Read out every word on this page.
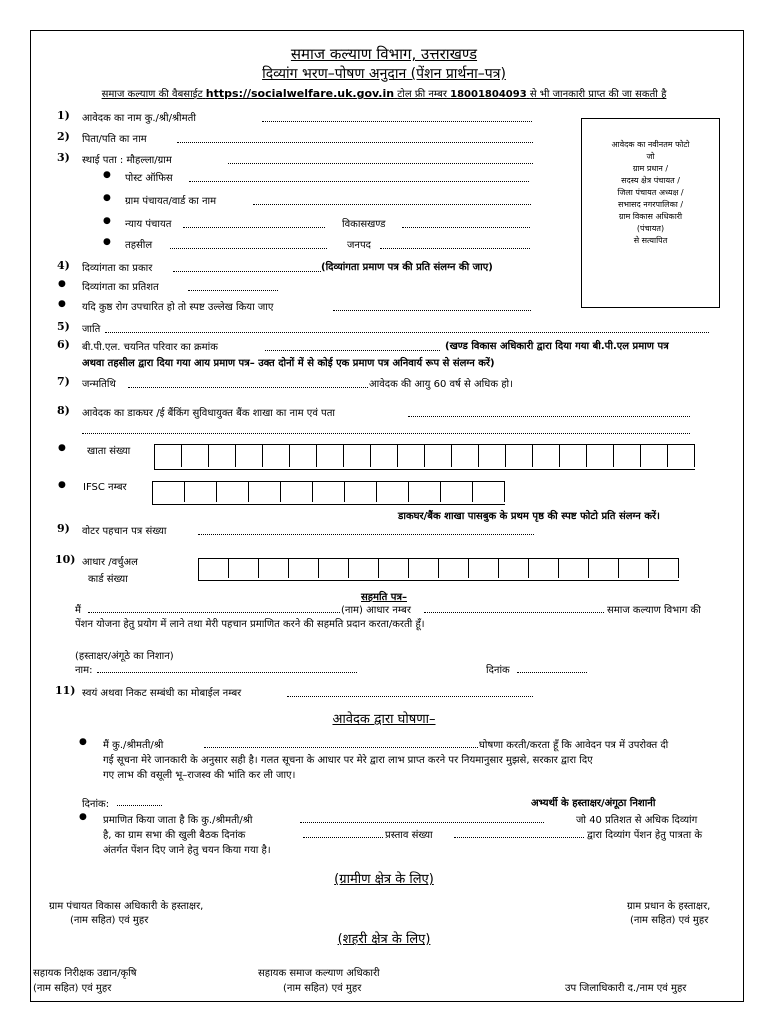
समाज कल्याण विभाग, उत्तराखण्ड
दिव्यांग भरण–पोषण अनुदान (पेंशन प्रार्थना–पत्र)
समाज कल्याण की वैबसाईट https://socialwelfare.uk.gov.in टोल फ्री नम्बर 18001804093 से भी जानकारी प्राप्त की जा सकती है
आवेदक का नवीनतम फोटो
जो
ग्राम प्रधान /
सदस्य क्षेत्र पंचायत /
जिला पंचायत अध्यक्ष /
सभासद नगरपालिका /
ग्राम विकास अधिकारी
(पंचायत)
से सत्यापित
1) आवेदक का नाम कु./श्री/श्रीमती
2) पिता/पति का नाम
3) स्थाई पता : मौहल्ला/ग्राम
● पोस्ट ऑफिस
● ग्राम पंचायत/वार्ड का नाम
● न्याय पंचायत	विकासखण्ड
● तहसील	जनपद
4) दिव्यांगता का प्रकार	(दिव्यांगता प्रमाण पत्र की प्रति संलग्न की जाए)
● दिव्यांगता का प्रतिशत
● यदि कुष्ठ रोग उपचारित हो तो स्पष्ट उल्लेख किया जाए
5) जाति
6) बी.पी.एल. चयनित परिवार का क्रमांक	(खण्ड विकास अधिकारी द्वारा दिया गया बी.पी.एल प्रमाण पत्र
अथवा तहसील द्वारा दिया गया आय प्रमाण पत्र– उक्त दोनों में से कोई एक प्रमाण पत्र अनिवार्य रूप से संलग्न करें)
7) जन्मतिथि	आवेदक की आयु 60 वर्ष से अधिक हो।
8) आवेदक का डाकघर /ई बैंकिंग सुविधायुक्त बैंक शाखा का नाम एवं पता
● खाता संख्या
● IFSC नम्बर
डाकघर/बैंक शाखा पासबुक के प्रथम पृष्ठ की स्पष्ट फोटो प्रति संलग्न करें।
9) वोटर पहचान पत्र संख्या
10) आधार /वर्चुअल
कार्ड संख्या
सहमति पत्र–
मैं	(नाम) आधार नम्बर	समाज कल्याण विभाग की
पेंशन योजना हेतु प्रयोग में लाने तथा मेरी पहचान प्रमाणित करने की सहमति प्रदान करता/करती हूँ।
(हस्ताक्षर/अंगूठे का निशान)
नाम:	दिनांक
11) स्वयं अथवा निकट सम्बंधी का मोबाईल नम्बर
आवेदक द्वारा घोषणा–
● मैं कु./श्रीमती/श्री	घोषणा करती/करता हूँ कि आवेदन पत्र में उपरोक्त दी
गई सूचना मेरे जानकारी के अनुसार सही है। गलत सूचना के आधार पर मेरे द्वारा लाभ प्राप्त करने पर नियमानुसार मुझसे, सरकार द्वारा दिए
गए लाभ की वसूली भू–राजस्व की भांति कर ली जाए।
दिनांक:	अभ्यर्थी के हस्ताक्षर/अंगूठा निशानी
● प्रमाणित किया जाता है कि कु./श्रीमती/श्री	जो 40 प्रतिशत से अधिक दिव्यांग
है, का ग्राम सभा की खुली बैठक दिनांक	प्रस्ताव संख्या	द्वारा दिव्यांग पेंशन हेतु पात्रता के
अंतर्गत पेंशन दिए जाने हेतु चयन किया गया है।
(ग्रामीण क्षेत्र के लिए)
ग्राम पंचायत विकास अधिकारी के हस्ताक्षर,
(नाम सहित) एवं मुहर
ग्राम प्रधान के हस्ताक्षर,
(नाम सहित) एवं मुहर
(शहरी क्षेत्र के लिए)
सहायक निरीक्षक उद्यान/कृषि
(नाम सहित) एवं मुहर
सहायक समाज कल्याण अधिकारी
(नाम सहित) एवं मुहर	उप जिलाधिकारी द./नाम एवं मुहर
